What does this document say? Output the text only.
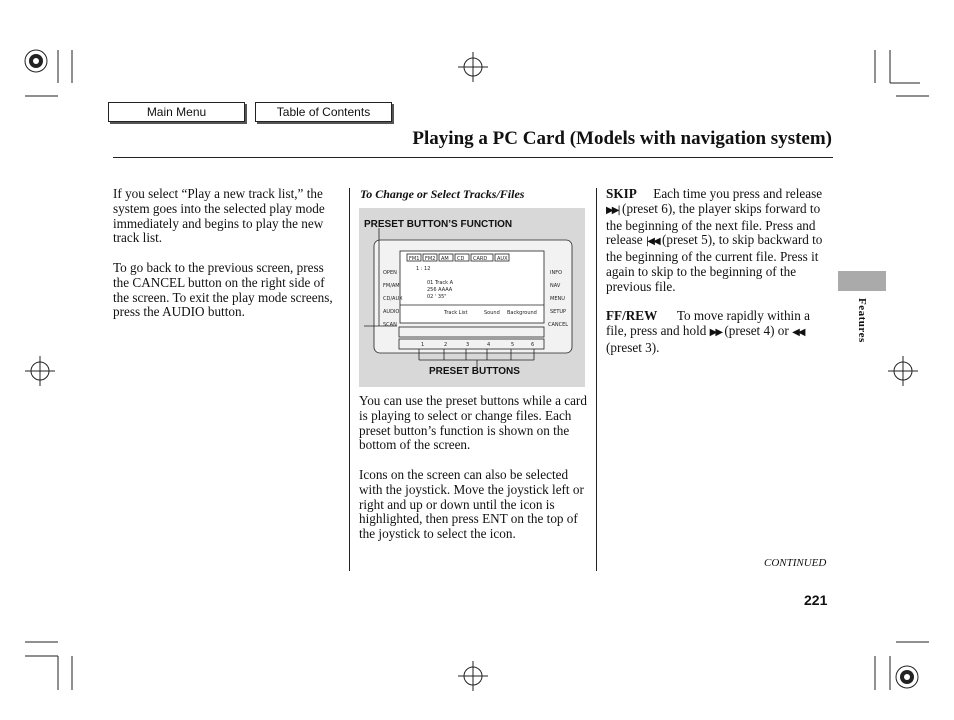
Main Menu	Table of Contents
Playing a PC Card (Models with navigation system)
Features

If you select “Play a new track list,” the system goes into the selected play mode immediately and begins to play the new track list.

To go back to the previous screen, press the CANCEL button on the right side of the screen. To exit the play mode screens, press the AUDIO button.

To Change or Select Tracks/Files
PRESET BUTTON’S FUNCTION
1 : 12
01 Track A
256 AAAA
02 ' 35"
Track List	Sound Background
1	2	3	4	5	6
OPEN
FM/AM
CD/AUX
AUDIO
SCAN
INFO
NAV
MENU
SETUP
CANCEL
FM1 FM2 AM CD CARD AUX
PRESET BUTTONS

You can use the preset buttons while a card is playing to select or change files. Each preset button’s function is shown on the bottom of the screen.

Icons on the screen can also be selected with the joystick. Move the joystick left or right and up or down until the icon is highlighted, then press ENT on the top of the joystick to select the icon.

SKIP Each time you press and release ▶▶| (preset 6), the player skips forward to the beginning of the next file. Press and release |◀◀ (preset 5), to skip backward to the beginning of the current file. Press it again to skip to the beginning of the previous file.

FF/REW To move rapidly within a file, press and hold ▶▶ (preset 4) or ◀◀ (preset 3).

CONTINUED
221
